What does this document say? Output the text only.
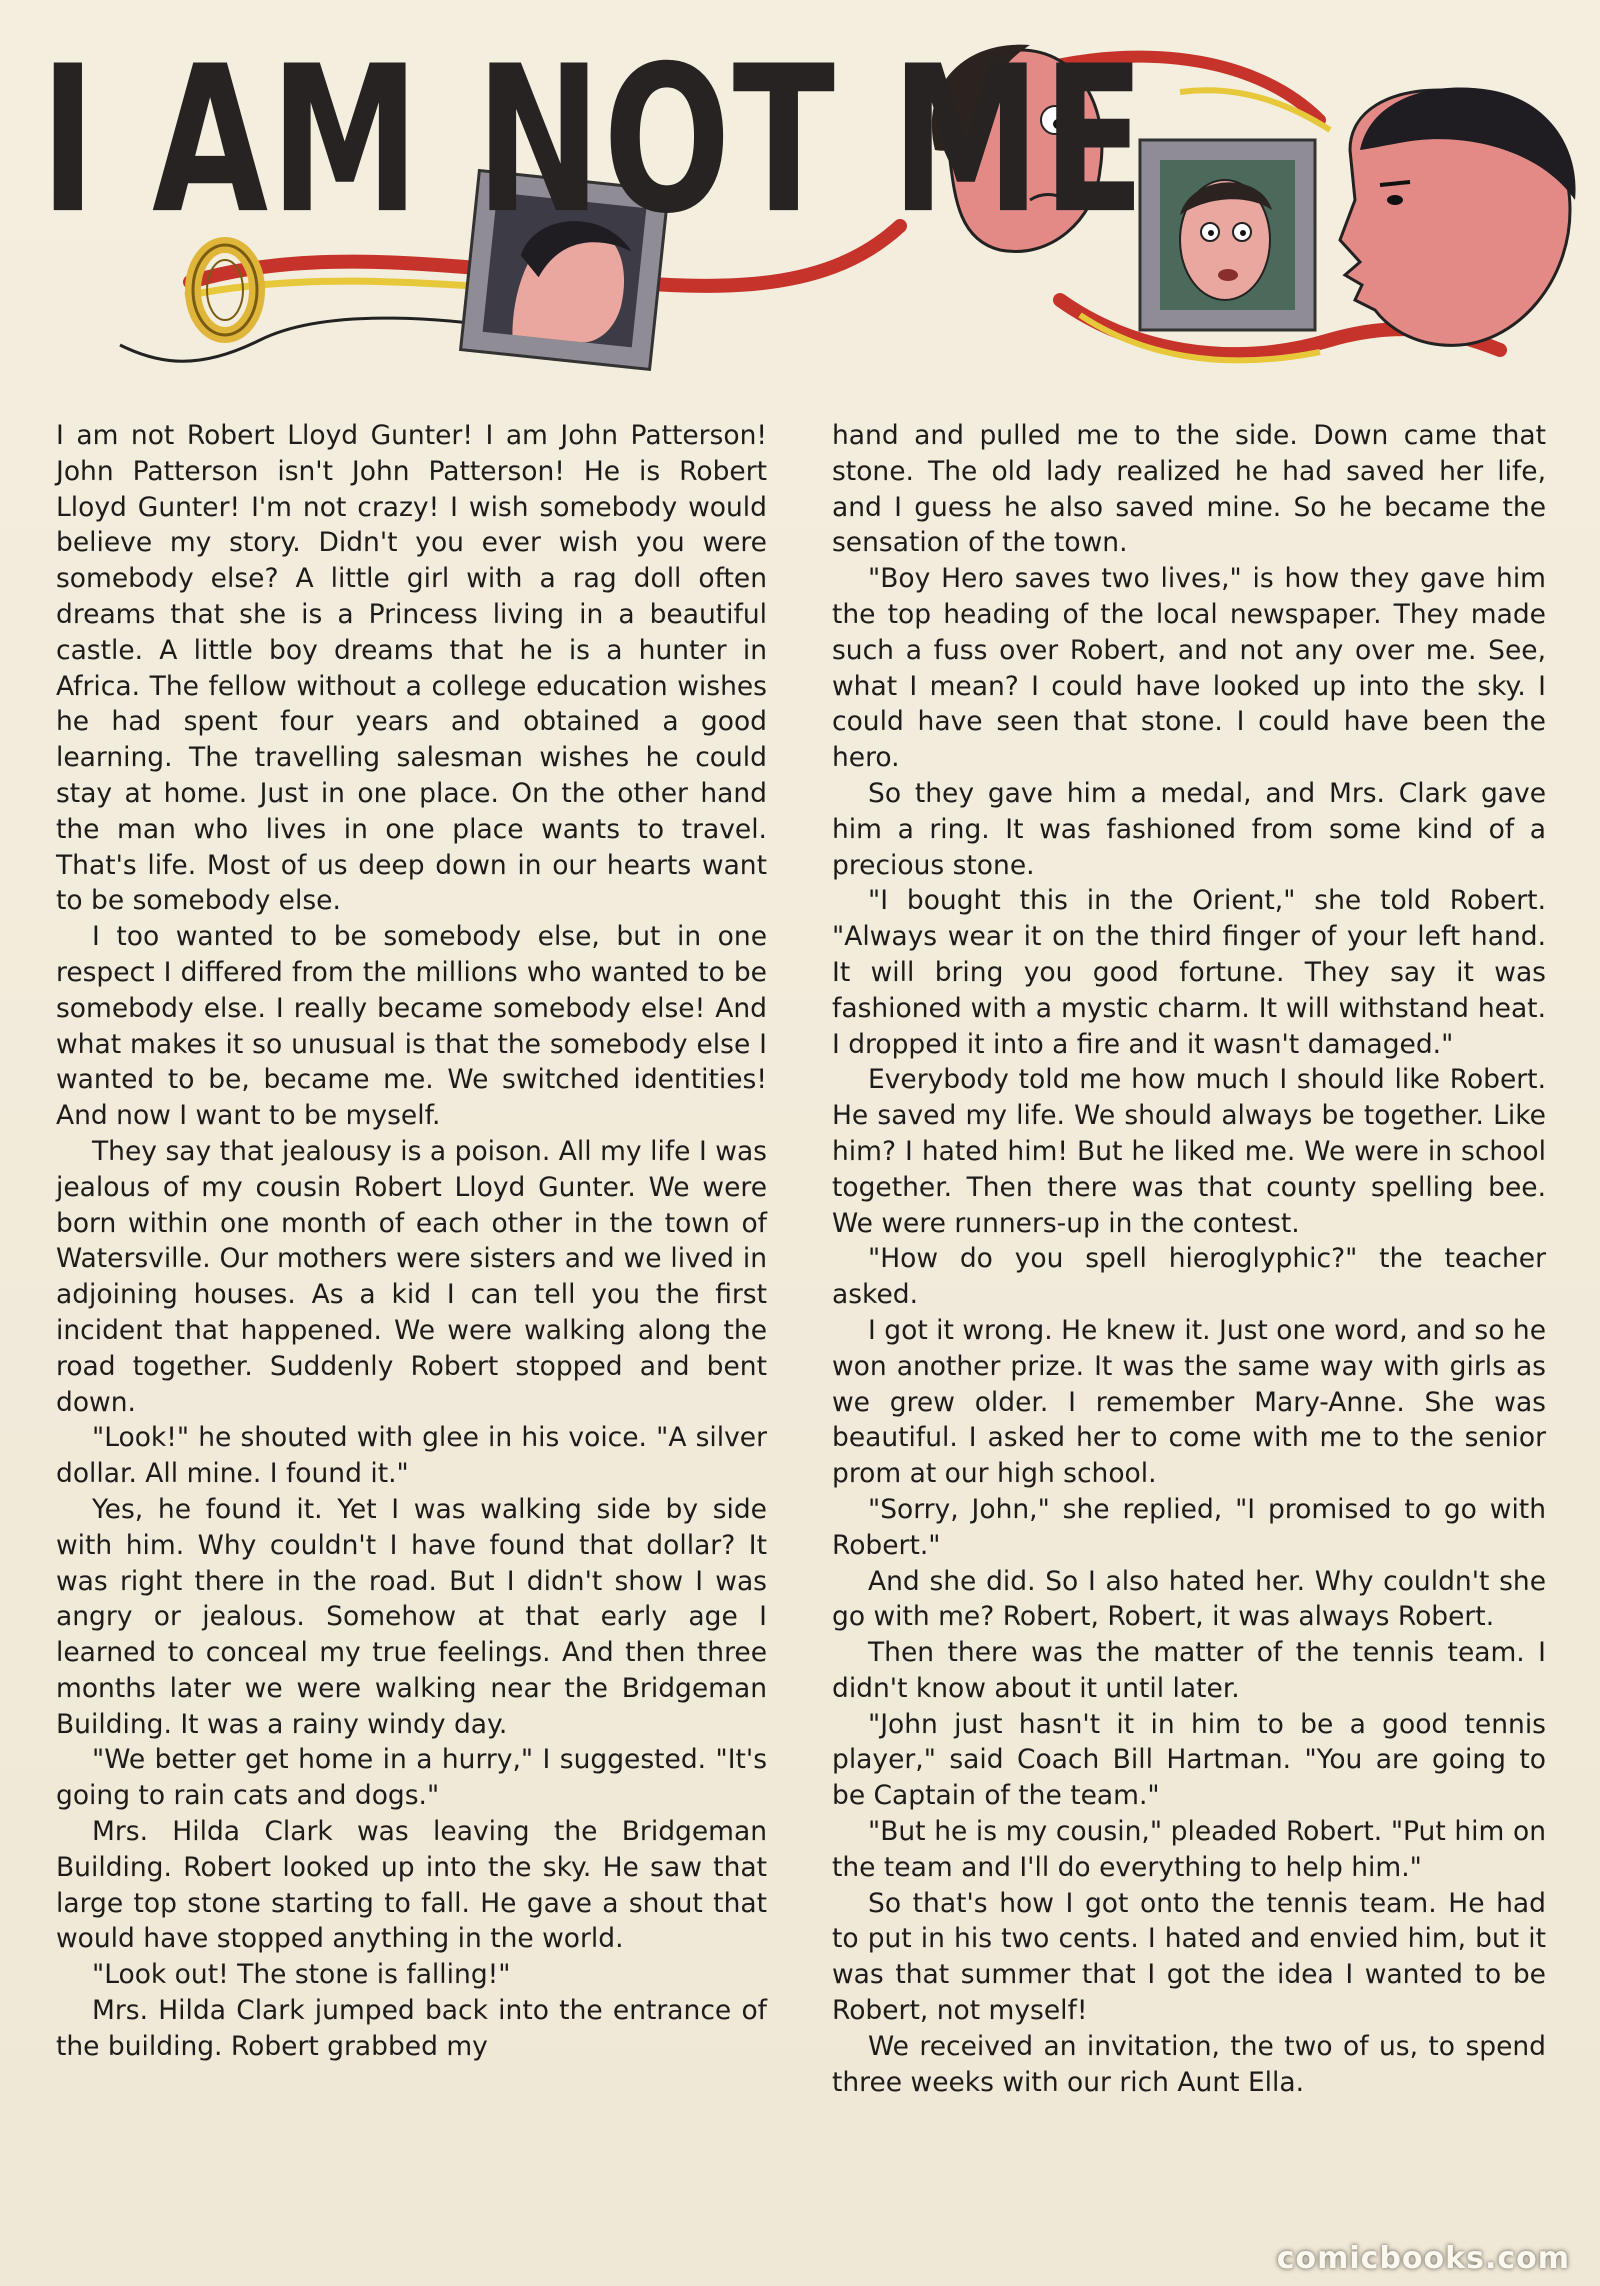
I AM NOT ME

I am not Robert Lloyd Gunter! I am John Patterson! John Patterson isn't John Patterson! He is Robert Lloyd Gunter! I'm not crazy! I wish somebody would believe my story. Didn't you ever wish you were somebody else? A little girl with a rag doll often dreams that she is a Princess living in a beautiful castle. A little boy dreams that he is a hunter in Africa. The fellow without a college education wishes he had spent four years and obtained a good learning. The travelling salesman wishes he could stay at home. Just in one place. On the other hand the man who lives in one place wants to travel. That's life. Most of us deep down in our hearts want to be somebody else.

I too wanted to be somebody else, but in one respect I differed from the millions who wanted to be somebody else. I really became somebody else! And what makes it so unusual is that the somebody else I wanted to be, became me. We switched identities! And now I want to be myself.

They say that jealousy is a poison. All my life I was jealous of my cousin Robert Lloyd Gunter. We were born within one month of each other in the town of Watersville. Our mothers were sisters and we lived in adjoining houses. As a kid I can tell you the first incident that happened. We were walking along the road together. Suddenly Robert stopped and bent down.

"Look!" he shouted with glee in his voice. "A silver dollar. All mine. I found it."

Yes, he found it. Yet I was walking side by side with him. Why couldn't I have found that dollar? It was right there in the road. But I didn't show I was angry or jealous. Somehow at that early age I learned to conceal my true feelings. And then three months later we were walking near the Bridgeman Building. It was a rainy windy day.

"We better get home in a hurry," I suggested. "It's going to rain cats and dogs."

Mrs. Hilda Clark was leaving the Bridgeman Building. Robert looked up into the sky. He saw that large top stone starting to fall. He gave a shout that would have stopped anything in the world.

"Look out! The stone is falling!"

Mrs. Hilda Clark jumped back into the entrance of the building. Robert grabbed my

hand and pulled me to the side. Down came that stone. The old lady realized he had saved her life, and I guess he also saved mine. So he became the sensation of the town.

"Boy Hero saves two lives," is how they gave him the top heading of the local newspaper. They made such a fuss over Robert, and not any over me. See, what I mean? I could have looked up into the sky. I could have seen that stone. I could have been the hero.

So they gave him a medal, and Mrs. Clark gave him a ring. It was fashioned from some kind of a precious stone.

"I bought this in the Orient," she told Robert. "Always wear it on the third finger of your left hand. It will bring you good fortune. They say it was fashioned with a mystic charm. It will withstand heat. I dropped it into a fire and it wasn't damaged."

Everybody told me how much I should like Robert. He saved my life. We should always be together. Like him? I hated him! But he liked me. We were in school together. Then there was that county spelling bee. We were runners-up in the contest.

"How do you spell hieroglyphic?" the teacher asked.

I got it wrong. He knew it. Just one word, and so he won another prize. It was the same way with girls as we grew older. I remember Mary-Anne. She was beautiful. I asked her to come with me to the senior prom at our high school.

"Sorry, John," she replied, "I promised to go with Robert."

And she did. So I also hated her. Why couldn't she go with me? Robert, Robert, it was always Robert.

Then there was the matter of the tennis team. I didn't know about it until later.

"John just hasn't it in him to be a good tennis player," said Coach Bill Hartman. "You are going to be Captain of the team."

"But he is my cousin," pleaded Robert. "Put him on the team and I'll do everything to help him."

So that's how I got onto the tennis team. He had to put in his two cents. I hated and envied him, but it was that summer that I got the idea I wanted to be Robert, not myself!

We received an invitation, the two of us, to spend three weeks with our rich Aunt Ella.

comicbooks.com
